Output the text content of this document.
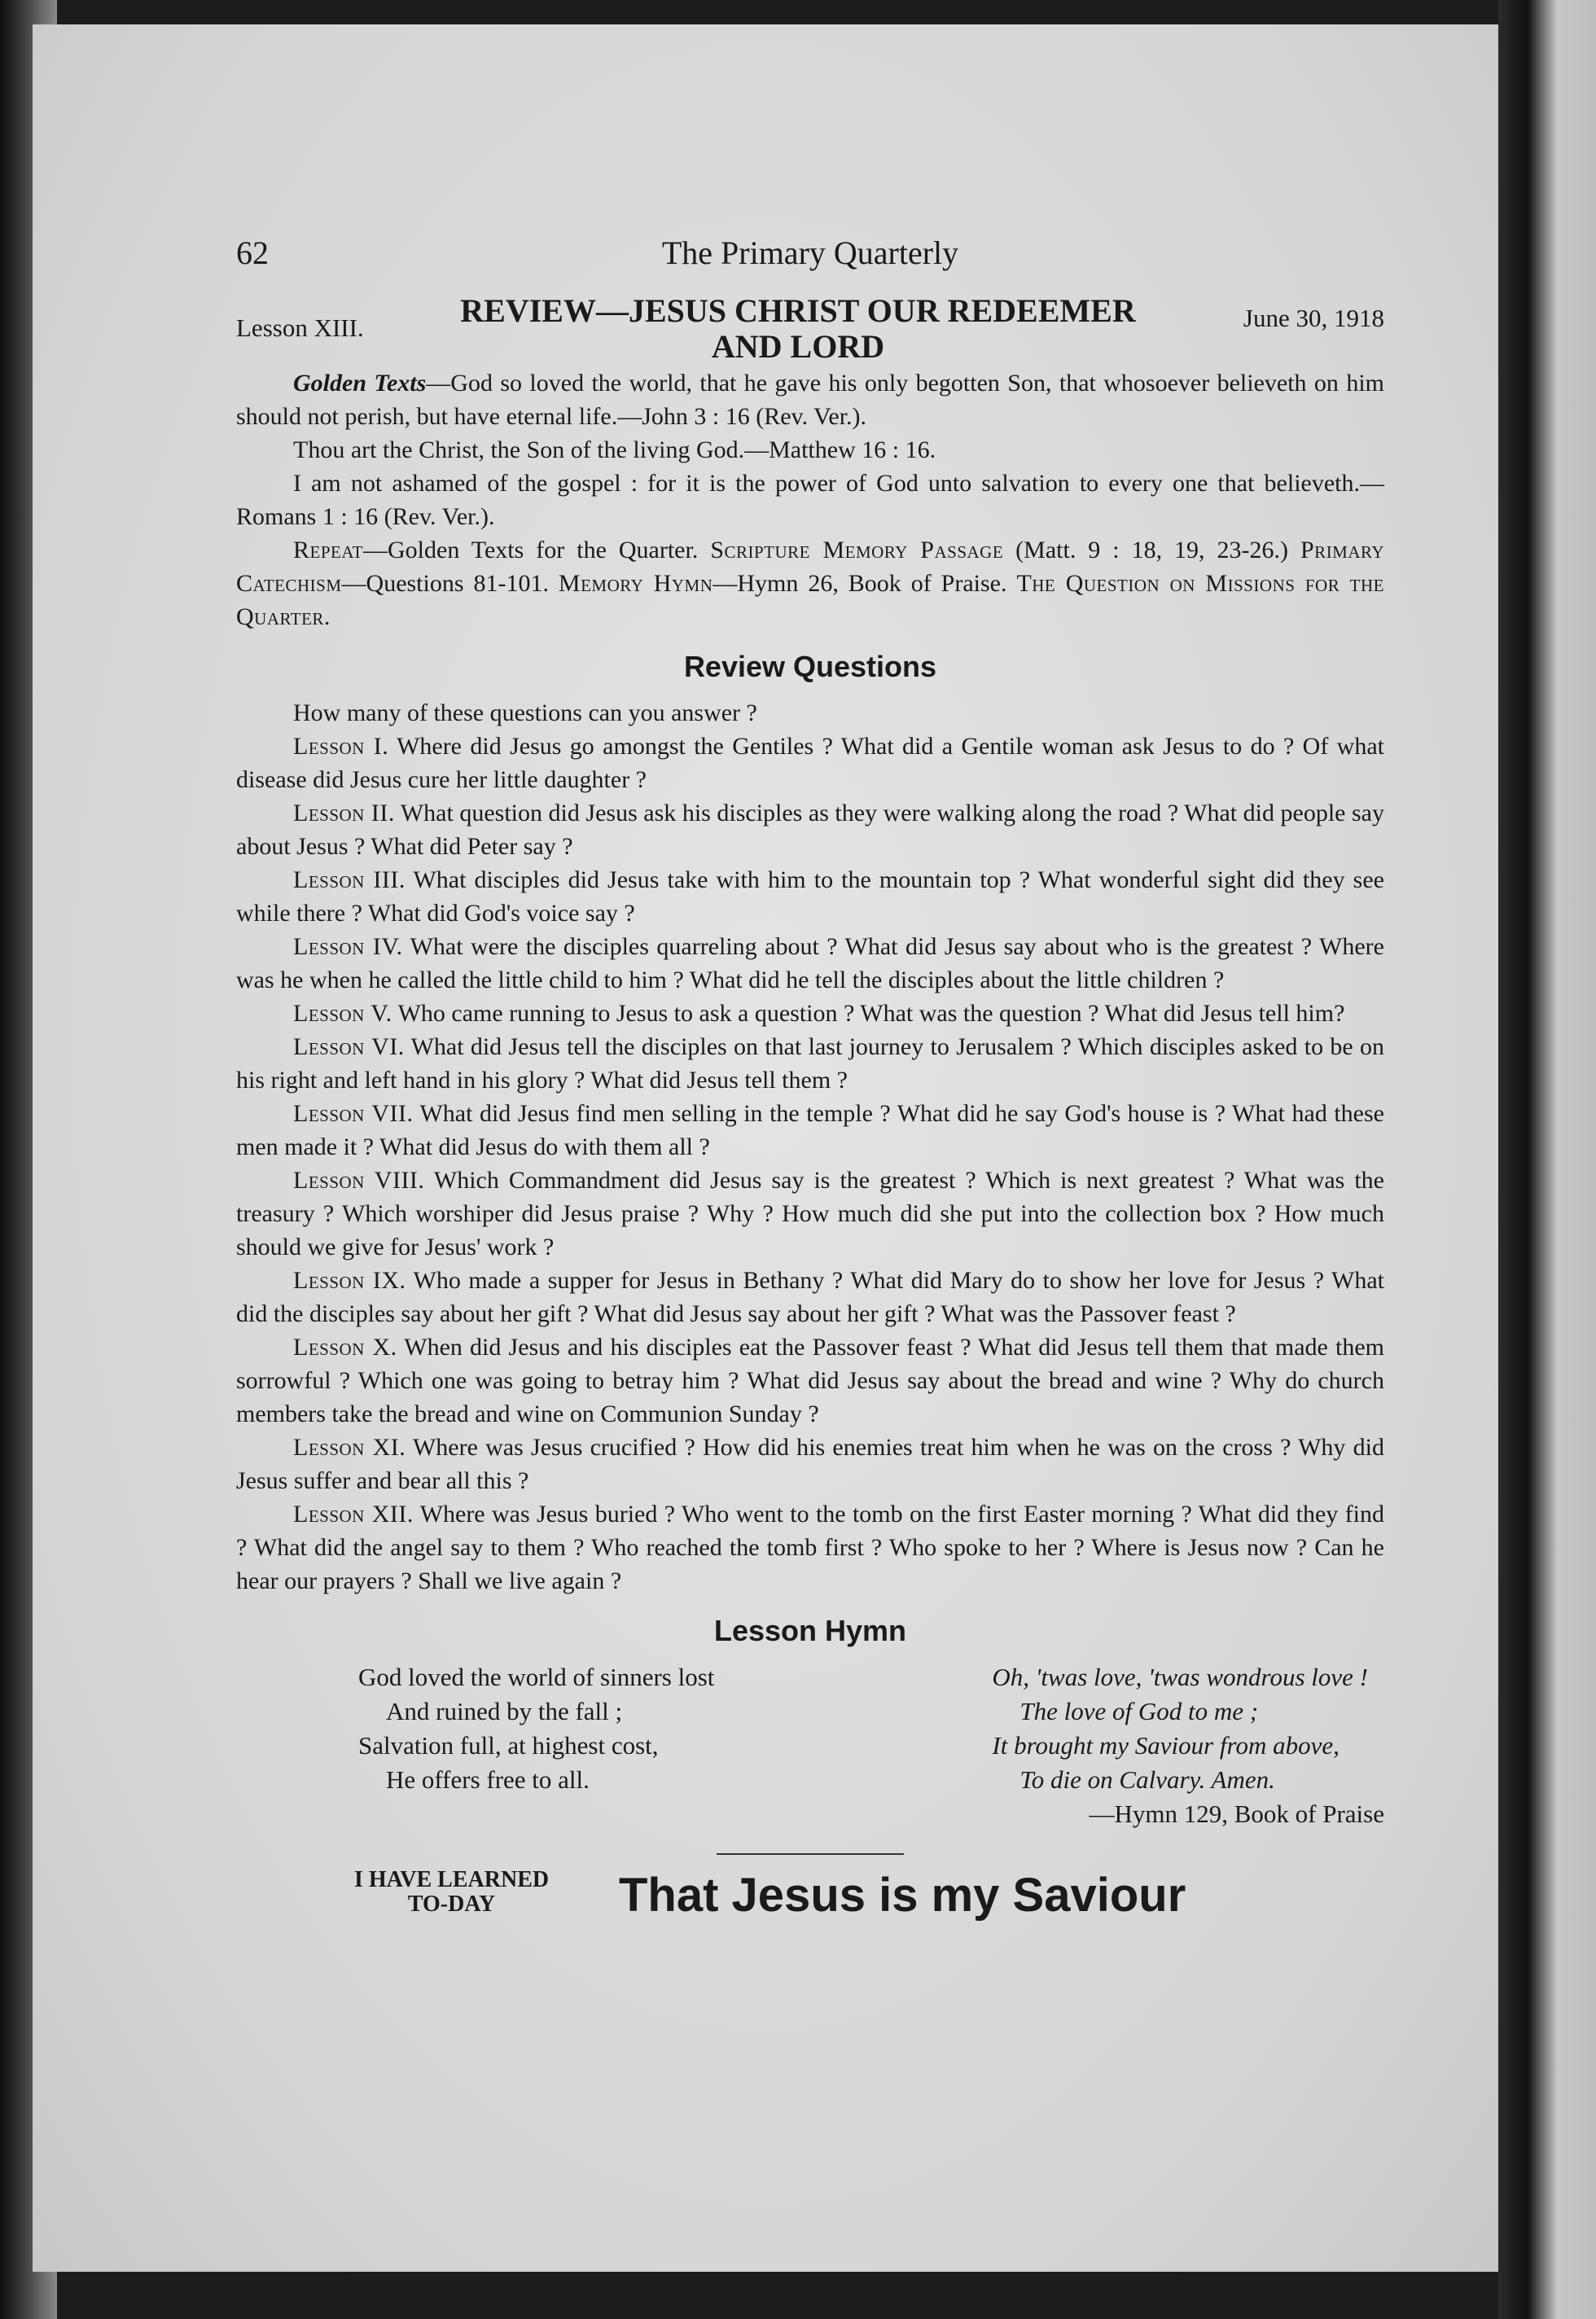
62	The Primary Quarterly
Lesson XIII.	REVIEW—JESUS CHRIST OUR REDEEMER AND LORD
June 30, 1918

Golden Texts—God so loved the world, that he gave his only begotten Son, that whosoever believeth on him should not perish, but have eternal life.—John 3 : 16 (Rev. Ver.).

Thou art the Christ, the Son of the living God.—Matthew 16 : 16.

I am not ashamed of the gospel : for it is the power of God unto salvation to every one that believeth.—Romans 1 : 16 (Rev. Ver.).

Repeat—Golden Texts for the Quarter. Scripture Memory Passage (Matt. 9 : 18, 19, 23-26.) Primary Catechism—Questions 81-101. Memory Hymn—Hymn 26, Book of Praise. The Question on Missions for the Quarter.

Review Questions

How many of these questions can you answer ?

Lesson I. Where did Jesus go amongst the Gentiles ? What did a Gentile woman ask Jesus to do ? Of what disease did Jesus cure her little daughter ?

Lesson II. What question did Jesus ask his disciples as they were walking along the road ? What did people say about Jesus ? What did Peter say ?

Lesson III. What disciples did Jesus take with him to the mountain top ? What wonderful sight did they see while there ? What did God's voice say ?

Lesson IV. What were the disciples quarreling about ? What did Jesus say about who is the greatest ? Where was he when he called the little child to him ? What did he tell the disciples about the little children ?

Lesson V. Who came running to Jesus to ask a question ? What was the question ? What did Jesus tell him?

Lesson VI. What did Jesus tell the disciples on that last journey to Jerusalem ? Which disciples asked to be on his right and left hand in his glory ? What did Jesus tell them ?

Lesson VII. What did Jesus find men selling in the temple ? What did he say God's house is ? What had these men made it ? What did Jesus do with them all ?

Lesson VIII. Which Commandment did Jesus say is the greatest ? Which is next greatest ? What was the treasury ? Which worshiper did Jesus praise ? Why ? How much did she put into the collection box ? How much should we give for Jesus' work ?

Lesson IX. Who made a supper for Jesus in Bethany ? What did Mary do to show her love for Jesus ? What did the disciples say about her gift ? What did Jesus say about her gift ? What was the Passover feast ?

Lesson X. When did Jesus and his disciples eat the Passover feast ? What did Jesus tell them that made them sorrowful ? Which one was going to betray him ? What did Jesus say about the bread and wine ? Why do church members take the bread and wine on Communion Sunday ?

Lesson XI. Where was Jesus crucified ? How did his enemies treat him when he was on the cross ? Why did Jesus suffer and bear all this ?

Lesson XII. Where was Jesus buried ? Who went to the tomb on the first Easter morning ? What did they find ? What did the angel say to them ? Who reached the tomb first ? Who spoke to her ? Where is Jesus now ? Can he hear our prayers ? Shall we live again ?

Lesson Hymn
God loved the world of sinners lost
And ruined by the fall ;
Salvation full, at highest cost,
He offers free to all.
Oh, 'twas love, 'twas wondrous love !
The love of God to me ;
It brought my Saviour from above,
To die on Calvary. Amen.
—Hymn 129, Book of Praise
I HAVE LEARNED
TO-DAY	That Jesus is my Saviour
